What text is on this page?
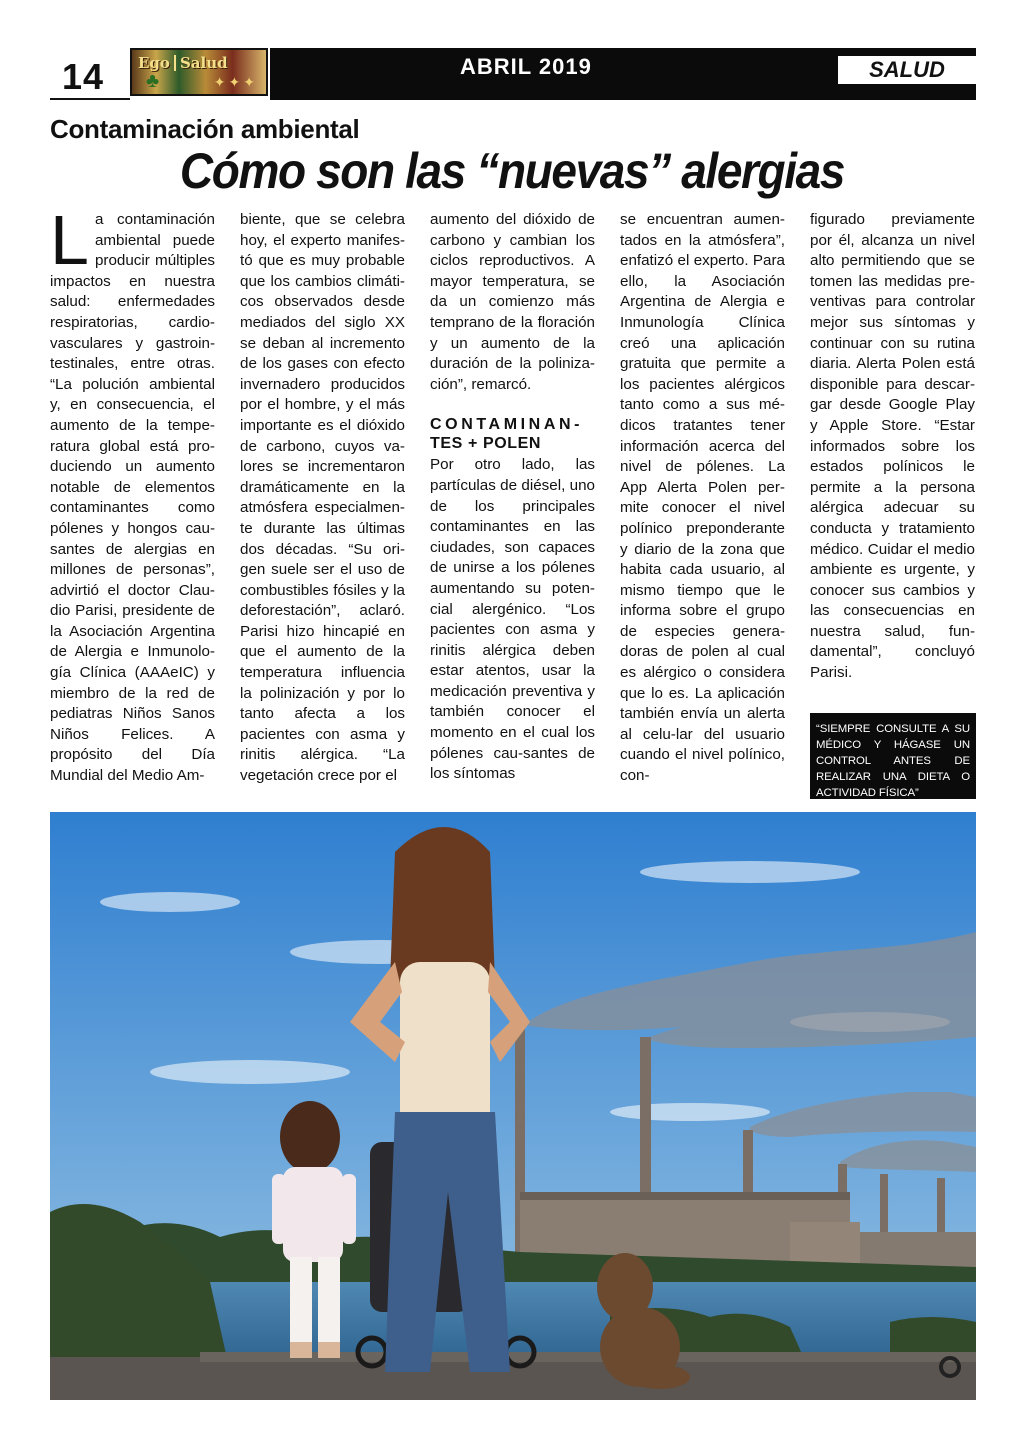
14 Ego Salud
♣	✦✦✦
ABRIL 2019	SALUD
Contaminación ambiental
Cómo son las “nuevas” alergias
L a contaminación ambiental puede producir múltiples impactos en nuestra salud: enfermedades respiratorias, cardio-vasculares y gastroin-testinales, entre otras. “La polución ambiental y, en consecuencia, el aumento de la tempe-ratura global está pro-duciendo un aumento notable de elementos contaminantes como pólenes y hongos cau-santes de alergias en millones de personas”, advirtió el doctor Clau-dio Parisi, presidente de la Asociación Argentina de Alergia e Inmunolo-gía Clínica (AAAeIC) y miembro de la red de pediatras Niños Sanos Niños Felices. A propósito del Día Mundial del Medio Am-

biente, que se celebra hoy, el experto manifes-tó que es muy probable que los cambios climáti-cos observados desde mediados del siglo XX se deban al incremento de los gases con efecto invernadero producidos por el hombre, y el más importante es el dióxido de carbono, cuyos va-lores se incrementaron dramáticamente en la atmósfera especialmen-te durante las últimas dos décadas. “Su ori-gen suele ser el uso de combustibles fósiles y la deforestación”, aclaró. Parisi hizo hincapié en que el aumento de la temperatura influencia la polinización y por lo tanto afecta a los pacientes con asma y rinitis alérgica. “La vegetación crece por el

aumento del dióxido de carbono y cambian los ciclos reproductivos. A mayor temperatura, se da un comienzo más temprano de la floración y un aumento de la duración de la poliniza-ción”, remarcó.

CONTAMINAN-
TES + POLEN

Por otro lado, las partículas de diésel, uno de los principales contaminantes en las ciudades, son capaces de unirse a los pólenes aumentando su poten-cial alergénico. “Los pacientes con asma y rinitis alérgica deben estar atentos, usar la medicación preventiva y también conocer el momento en el cual los pólenes cau-santes de los síntomas

se encuentran aumen-tados en la atmósfera”, enfatizó el experto. Para ello, la Asociación Argentina de Alergia e Inmunología Clínica creó una aplicación gratuita que permite a los pacientes alérgicos tanto como a sus mé-dicos tratantes tener información acerca del nivel de pólenes. La App Alerta Polen per-mite conocer el nivel polínico preponderante y diario de la zona que habita cada usuario, al mismo tiempo que le informa sobre el grupo de especies genera-doras de polen al cual es alérgico o considera que lo es. La aplicación también envía un alerta al celu-lar del usuario cuando el nivel polínico, con-

figurado previamente por él, alcanza un nivel alto permitiendo que se tomen las medidas pre-ventivas para controlar mejor sus síntomas y continuar con su rutina diaria. Alerta Polen está disponible para descar-gar desde Google Play y Apple Store. “Estar informados sobre los estados polínicos le permite a la persona alérgica adecuar su conducta y tratamiento médico. Cuidar el medio ambiente es urgente, y conocer sus cambios y las consecuencias en nuestra salud, fun-damental”, concluyó Parisi.

“SIEMPRE CONSULTE A SU MÉDICO Y HÁGASE UN CONTROL ANTES DE REALIZAR UNA DIETA O ACTIVIDAD FÍSICA”
